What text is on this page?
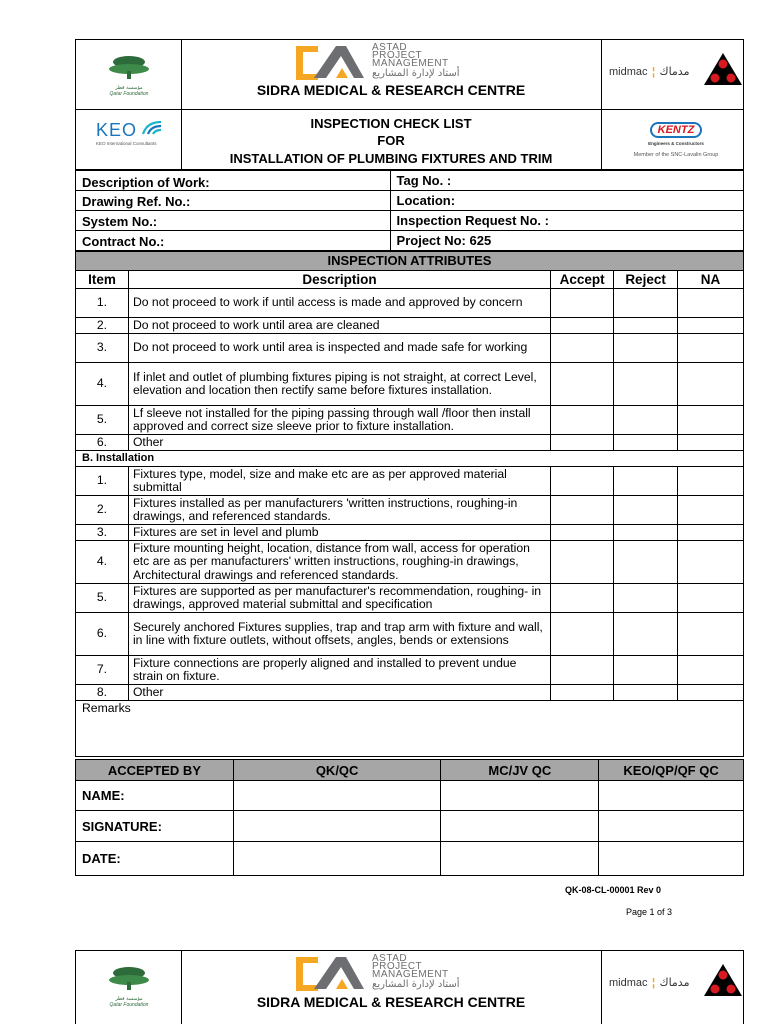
مؤسسة قطر
Qatar Foundation
ASTAD
PROJECT
MANAGEMENT
أستاد لإدارة المشاريع
SIDRA MEDICAL & RESEARCH CENTRE
midmac ¦ مدماك
KEO
KEO International Consultants
INSPECTION CHECK LIST
FOR
INSTALLATION OF PLUMBING FIXTURES AND TRIM
KENTZ
Engineers & Constructors
Member of the SNC-Lavalin Group
Description of Work:	Tag No. :
Drawing Ref. No.:	Location:
System No.:	Inspection Request No. :
Contract No.:	Project No: 625
INSPECTION ATTRIBUTES				
Item	Description	Accept	Reject	NA
1.	Do not proceed to work if until access is made and approved by concern			
2.	Do not proceed to work until area are cleaned			
3.	Do not proceed to work until area is inspected and made safe for working			
4.	If inlet and outlet of plumbing fixtures piping is not straight, at correct Level, elevation and location then rectify same before fixtures installation.			
5.	Lf sleeve not installed for the piping passing through wall /floor then install approved and correct size sleeve prior to fixture installation.			
6.	Other			
B. Installation				
1.	Fixtures type, model, size and make etc are as per approved material submittal			
2.	Fixtures installed as per manufacturers 'written instructions, roughing-in drawings, and referenced standards.			
3.	Fixtures are set in level and plumb			
4.	Fixture mounting height, location, distance from wall, access for operation etc are as per manufacturers' written instructions, roughing-in drawings, Architectural drawings and referenced standards.			
5.	Fixtures are supported as per manufacturer's recommendation, roughing- in drawings, approved material submittal and specification			
6.	Securely anchored Fixtures supplies, trap and trap arm with fixture and wall, in line with fixture outlets, without offsets, angles, bends or extensions			
7.	Fixture connections are properly aligned and installed to prevent undue strain on fixture.			
8.	Other			
Remarks				
ACCEPTED BY	QK/QC	MC/JV QC	KEO/QP/QF QC
NAME:			
SIGNATURE:			
DATE:			
QK-08-CL-00001 Rev 0
Page 1 of 3
مؤسسة قطر
Qatar Foundation
ASTAD
PROJECT
MANAGEMENT
أستاد لإدارة المشاريع
SIDRA MEDICAL & RESEARCH CENTRE
midmac ¦ مدماك
